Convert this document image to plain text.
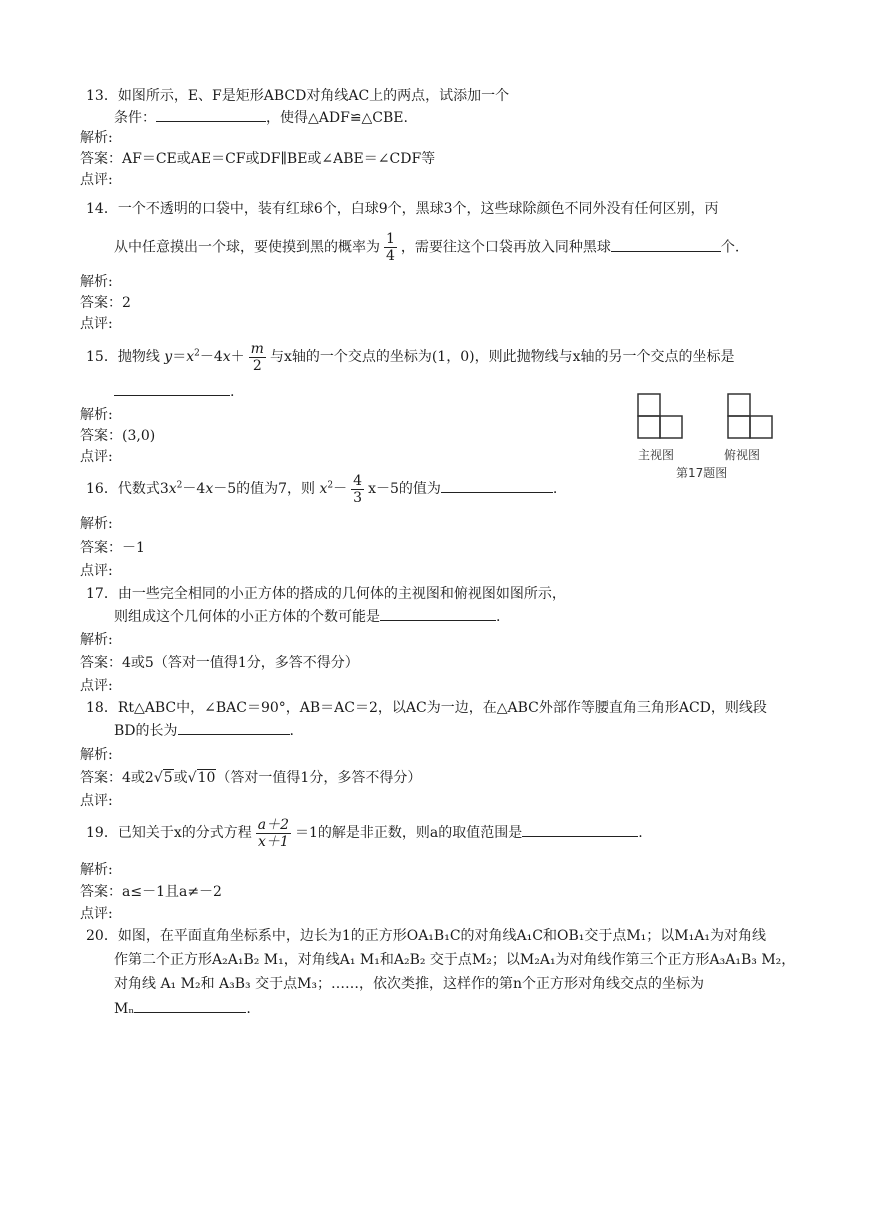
13．如图所示，E、F是矩形ABCD对角线AC上的两点，试添加一个
条件：	，使得△ADF≌△CBE.
解析:
答案：AF＝CE或AE＝CF或DF∥BE或∠ABE＝∠CDF等
点评:
14．一个不透明的口袋中，装有红球6个，白球9个，黑球3个，这些球除颜色不同外没有任何区别，丙
从中任意摸出一个球，要使摸到黑的概率为 $\frac{1}{4}$ ，需要往这个口袋再放入同种黑球	个.
解析:
答案：2
点评:
15．抛物线 $y=x^2-4x+ \frac{m}{2}$ 与x轴的一个交点的坐标为(1，0)，则此抛物线与x轴的另一个交点的坐标是
.
解析:
答案：(3,0)
点评:	主视图	俯视图
第17题图
16．代数式$3x^2-4x-5$的值为7，则 $x^2- \frac{4}{3} x-5$的值为	.
解析:
答案：－1
点评:
17．由一些完全相同的小正方体的搭成的几何体的主视图和俯视图如图所示，
则组成这个几何体的小正方体的个数可能是	.
解析:
答案：4或5（答对一值得1分，多答不得分）
点评:
18．Rt△ABC中，∠BAC＝90°，AB＝AC＝2，以AC为一边，在△ABC外部作等腰直角三角形ACD，则线段
BD的长为	.
解析:
答案：4或2√5或√10（答对一值得1分，多答不得分）
点评:
19．已知关于x的分式方程 $\frac{a+2}{x+1} =1$的解是非正数，则a的取值范围是	.
解析:
答案：a≤－1且a≠－2
点评:
20．如图，在平面直角坐标系中，边长为1的正方形OA₁B₁C的对角线A₁C和OB₁交于点M₁；以M₁A₁为对角线
作第二个正方形A₂A₁B₂ M₁，对角线A₁ M₁和A₂B₂ 交于点M₂；以M₂A₁为对角线作第三个正方形A₃A₁B₃ M₂，
对角线 A₁ M₂和 A₃B₃ 交于点M₃；……，依次类推，这样作的第n个正方形对角线交点的坐标为
Mₙ	.
